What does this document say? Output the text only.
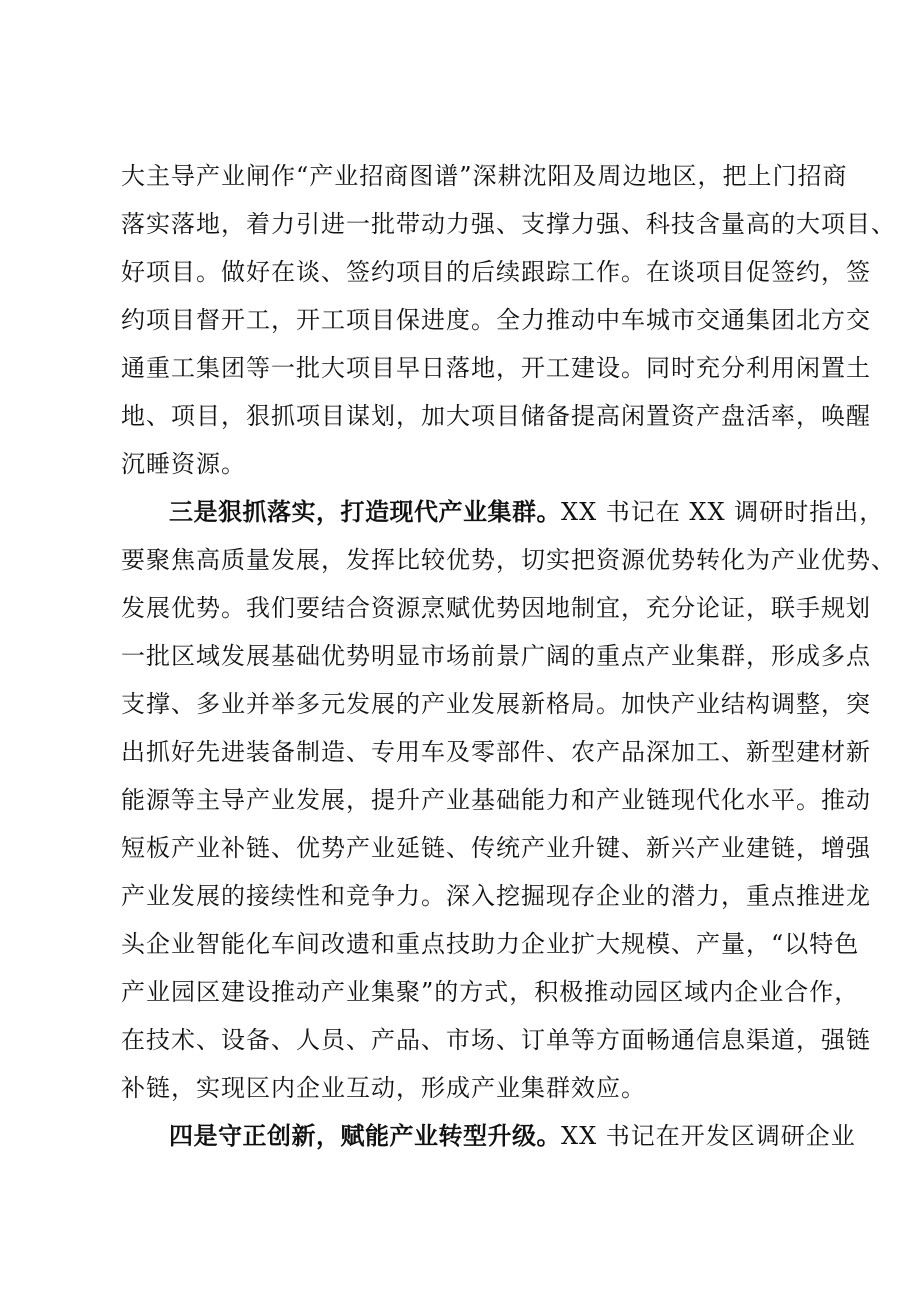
大主导产业闸作“产业招商图谱”深耕沈阳及周边地区，把上门招商
落实落地，着力引进一批带动力强、支撑力强、科技含量高的大项目、
好项目。做好在谈、签约项目的后续跟踪工作。在谈项目促签约，签
约项目督开工，开工项目保进度。全力推动中车城市交通集团北方交
通重工集团等一批大项目早日落地，开工建设。同时充分利用闲置土
地、项目，狠抓项目谋划，加大项目储备提高闲置资产盘活率，唤醒
沉睡资源。
三是狠抓落实，打造现代产业集群。XX 书记在 XX 调研时指出，
要聚焦高质量发展，发挥比较优势，切实把资源优势转化为产业优势、
发展优势。我们要结合资源烹赋优势因地制宜，充分论证，联手规划
一批区域发展基础优势明显市场前景广阔的重点产业集群，形成多点
支撑、多业并举多元发展的产业发展新格局。加快产业结构调整，突
出抓好先进装备制造、专用车及零部件、农产品深加工、新型建材新
能源等主导产业发展，提升产业基础能力和产业链现代化水平。推动
短板产业补链、优势产业延链、传统产业升键、新兴产业建链，增强
产业发展的接续性和竞争力。深入挖掘现存企业的潜力，重点推进龙
头企业智能化车间改遗和重点技助力企业扩大规模、产量，“以特色
产业园区建设推动产业集聚”的方式，积极推动园区域内企业合作，
在技术、设备、人员、产品、市场、订单等方面畅通信息渠道，强链
补链，实现区内企业互动，形成产业集群效应。
四是守正创新，赋能产业转型升级。XX 书记在开发区调研企业
